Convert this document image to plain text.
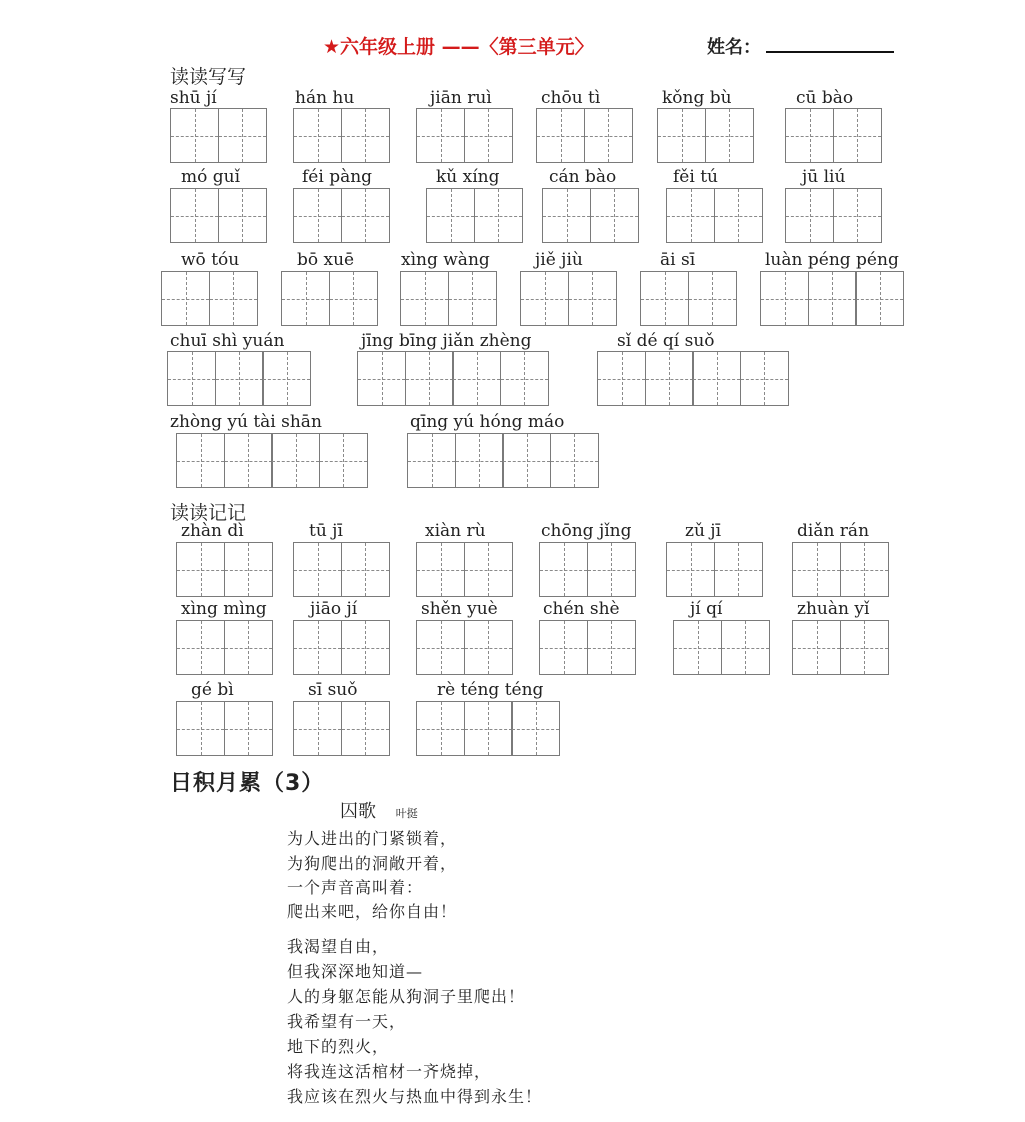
★六年级上册 ——〈第三单元〉	姓名：
读读写写
读读记记
日积月累（3）
shū jí	hán hu	jiān ruì	chōu tì	kǒng bù	cū bào
mó guǐ	féi pàng	kǔ xíng	cán bào	fěi tú	jū liú
wō tóu	bō xuē	xìng wàng	jiě jiù	āi sī	luàn péng péng
chuī shì yuán	jīng bīng jiǎn zhèng	sǐ dé qí suǒ
zhòng yú tài shān	qīng yú hóng máo
zhàn dì	tū jī	xiàn rù	chōng jǐng	zǔ jī	diǎn rán
xìng mìng	jiāo jí	shěn yuè	chén shè	jí qí	zhuàn yǐ
gé bì	sī suǒ	rè téng téng
囚歌 叶挺
为人进出的门紧锁着，
为狗爬出的洞敞开着，
一个声音高叫着：
爬出来吧，给你自由！
我渴望自由，
但我深深地知道—
人的身躯怎能从狗洞子里爬出！
我希望有一天，
地下的烈火，
将我连这活棺材一齐烧掉，
我应该在烈火与热血中得到永生！
